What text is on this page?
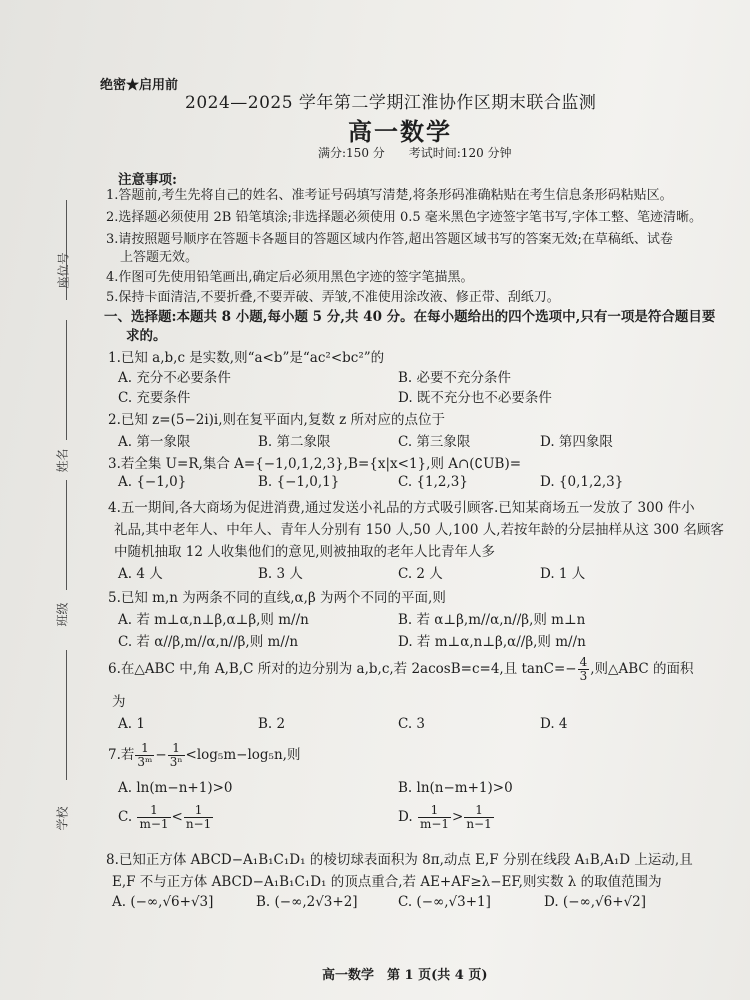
座位号
姓名
班级
学校
绝密★启用前
2024—2025 学年第二学期江淮协作区期末联合监测
高一数学
满分:150 分　　考试时间:120 分钟
注意事项:
1.答题前,考生先将自己的姓名、准考证号码填写清楚,将条形码准确粘贴在考生信息条形码粘贴区。
2.选择题必须使用 2B 铅笔填涂;非选择题必须使用 0.5 毫米黑色字迹签字笔书写,字体工整、笔迹清晰。
3.请按照题号顺序在答题卡各题目的答题区域内作答,超出答题区域书写的答案无效;在草稿纸、试卷
上答题无效。
4.作图可先使用铅笔画出,确定后必须用黑色字迹的签字笔描黑。
5.保持卡面清洁,不要折叠,不要弄破、弄皱,不准使用涂改液、修正带、刮纸刀。
一、选择题:本题共 8 小题,每小题 5 分,共 40 分。在每小题给出的四个选项中,只有一项是符合题目要
求的。
1.已知 a,b,c 是实数,则“a<b”是“ac²<bc²”的
A. 充分不必要条件	B. 必要不充分条件
C. 充要条件	D. 既不充分也不必要条件
2.已知 z=(5−2i)i,则在复平面内,复数 z 所对应的点位于
A. 第一象限	B. 第二象限	C. 第三象限	D. 第四象限
3.若全集 U=R,集合 A={−1,0,1,2,3},B={x|x<1},则 A∩(∁UB)=
A. {−1,0}	B. {−1,0,1}	C. {1,2,3}	D. {0,1,2,3}
4.五一期间,各大商场为促进消费,通过发送小礼品的方式吸引顾客.已知某商场五一发放了 300 件小
礼品,其中老年人、中年人、青年人分别有 150 人,50 人,100 人,若按年龄的分层抽样从这 300 名顾客
中随机抽取 12 人收集他们的意见,则被抽取的老年人比青年人多
A. 4 人	B. 3 人	C. 2 人	D. 1 人
5.已知 m,n 为两条不同的直线,α,β 为两个不同的平面,则
A. 若 m⊥α,n⊥β,α⊥β,则 m//n	B. 若 α⊥β,m//α,n//β,则 m⊥n
C. 若 α//β,m//α,n//β,则 m//n	D. 若 m⊥α,n⊥β,α//β,则 m//n
6.在△ABC 中,角 A,B,C 所对的边分别为 a,b,c,若 2acosB=c=4,且 $\tan C=- \frac{4}{3}$ ,则△ABC 的面积
为
A. 1	B. 2	C. 3	D. 4
7.若 $\frac{1}{\text{3ᵐ}} - \frac{1}{\text{3ⁿ}} <\log_5m-\log_5n$,则
A. ln(m−n+1)>0	B. ln(n−m+1)>0
C. $\frac{1}{m-1} < \frac{1}{n-1}$	D. $\frac{1}{m-1} > \frac{1}{n-1}$
8.已知正方体 ABCD−A₁B₁C₁D₁ 的棱切球表面积为 8π,动点 E,F 分别在线段 A₁B,A₁D 上运动,且
E,F 不与正方体 ABCD−A₁B₁C₁D₁ 的顶点重合,若 AE+AF≥λ−EF,则实数 λ 的取值范围为
A. (−∞,√6+√3]	B. (−∞,2√3+2]	C. (−∞,√3+1]	D. (−∞,√6+√2]
高一数学　第 1 页(共 4 页)
